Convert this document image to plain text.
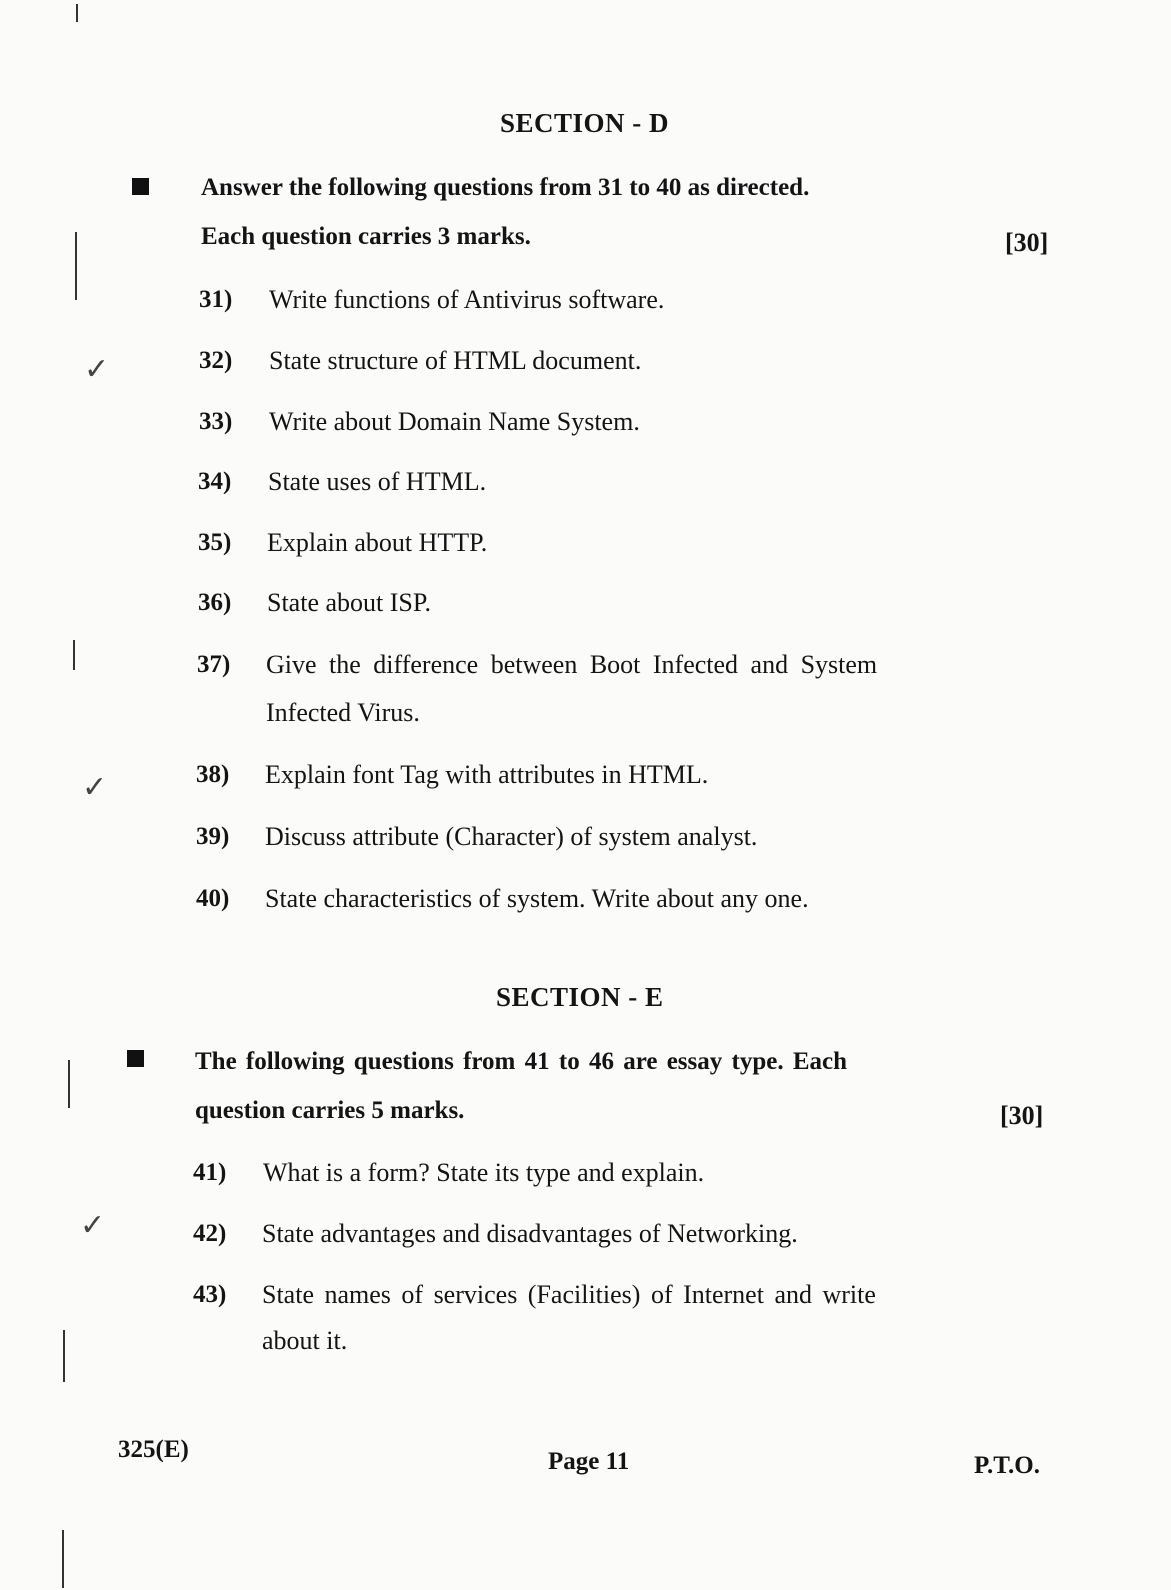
✓
✓
✓
SECTION - D
Answer the following questions from 31 to 40 as directed.
Each question carries 3 marks.	[30]
31) Write functions of Antivirus software.
32) State structure of HTML document.
33) Write about Domain Name System.
34) State uses of HTML.
35) Explain about HTTP.
36) State about ISP.
37) Give the difference between Boot Infected and System
Infected Virus.
38) Explain font Tag with attributes in HTML.
39) Discuss attribute (Character) of system analyst.
40) State characteristics of system. Write about any one.
SECTION - E
The following questions from 41 to 46 are essay type. Each
question carries 5 marks.	[30]
41) What is a form? State its type and explain.
42) State advantages and disadvantages of Networking.
43) State names of services (Facilities) of Internet and write
about it.
325(E)	Page 11	P.T.O.
